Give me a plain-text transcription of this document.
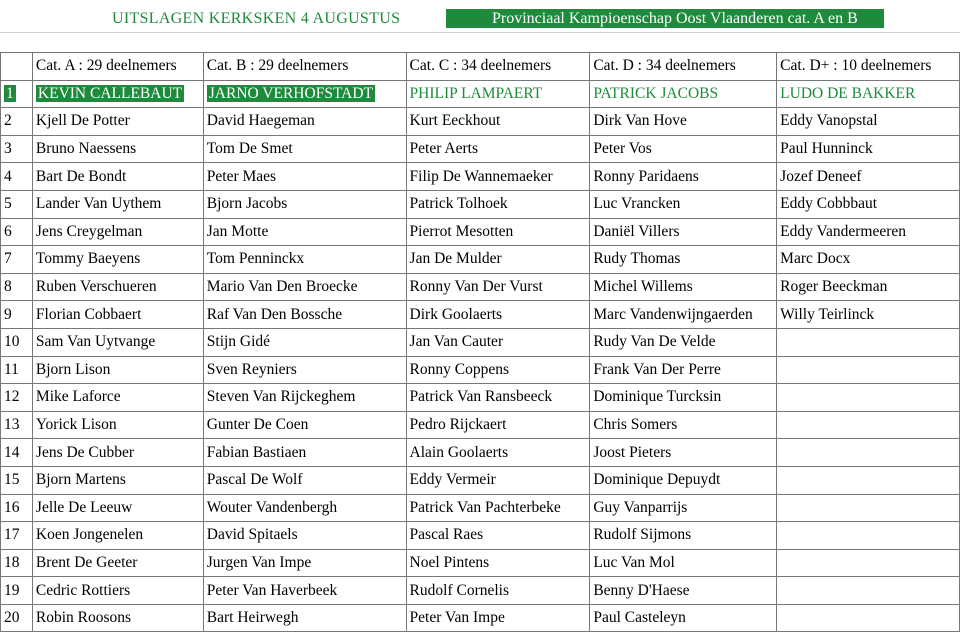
UITSLAGEN KERKSKEN 4 AUGUSTUS	Provinciaal Kampioenschap Oost Vlaanderen cat. A en B
	Cat. A : 29 deelnemers	Cat. B : 29 deelnemers	Cat. C : 34 deelnemers	Cat. D : 34 deelnemers	Cat. D+ : 10 deelnemers
1	KEVIN CALLEBAUT	JARNO VERHOFSTADT	PHILIP LAMPAERT	PATRICK JACOBS	LUDO DE BAKKER
2	Kjell De Potter	David Haegeman	Kurt Eeckhout	Dirk Van Hove	Eddy Vanopstal
3	Bruno Naessens	Tom De Smet	Peter Aerts	Peter Vos	Paul Hunninck
4	Bart De Bondt	Peter Maes	Filip De Wannemaeker	Ronny Paridaens	Jozef Deneef
5	Lander Van Uythem	Bjorn Jacobs	Patrick Tolhoek	Luc Vrancken	Eddy Cobbbaut
6	Jens Creygelman	Jan Motte	Pierrot Mesotten	Daniël Villers	Eddy Vandermeeren
7	Tommy Baeyens	Tom Penninckx	Jan De Mulder	Rudy Thomas	Marc Docx
8	Ruben Verschueren	Mario Van Den Broecke	Ronny Van Der Vurst	Michel Willems	Roger Beeckman
9	Florian Cobbaert	Raf Van Den Bossche	Dirk Goolaerts	Marc Vandenwijngaerden	Willy Teirlinck
10	Sam Van Uytvange	Stijn Gidé	Jan Van Cauter	Rudy Van De Velde	
11	Bjorn Lison	Sven Reyniers	Ronny Coppens	Frank Van Der Perre	
12	Mike Laforce	Steven Van Rijckeghem	Patrick Van Ransbeeck	Dominique Turcksin	
13	Yorick Lison	Gunter De Coen	Pedro Rijckaert	Chris Somers	
14	Jens De Cubber	Fabian Bastiaen	Alain Goolaerts	Joost Pieters	
15	Bjorn Martens	Pascal De Wolf	Eddy Vermeir	Dominique Depuydt	
16	Jelle De Leeuw	Wouter Vandenbergh	Patrick Van Pachterbeke	Guy Vanparrijs	
17	Koen Jongenelen	David Spitaels	Pascal Raes	Rudolf Sijmons	
18	Brent De Geeter	Jurgen Van Impe	Noel Pintens	Luc Van Mol	
19	Cedric Rottiers	Peter Van Haverbeek	Rudolf Cornelis	Benny D'Haese	
20	Robin Roosons	Bart Heirwegh	Peter Van Impe	Paul Casteleyn	
